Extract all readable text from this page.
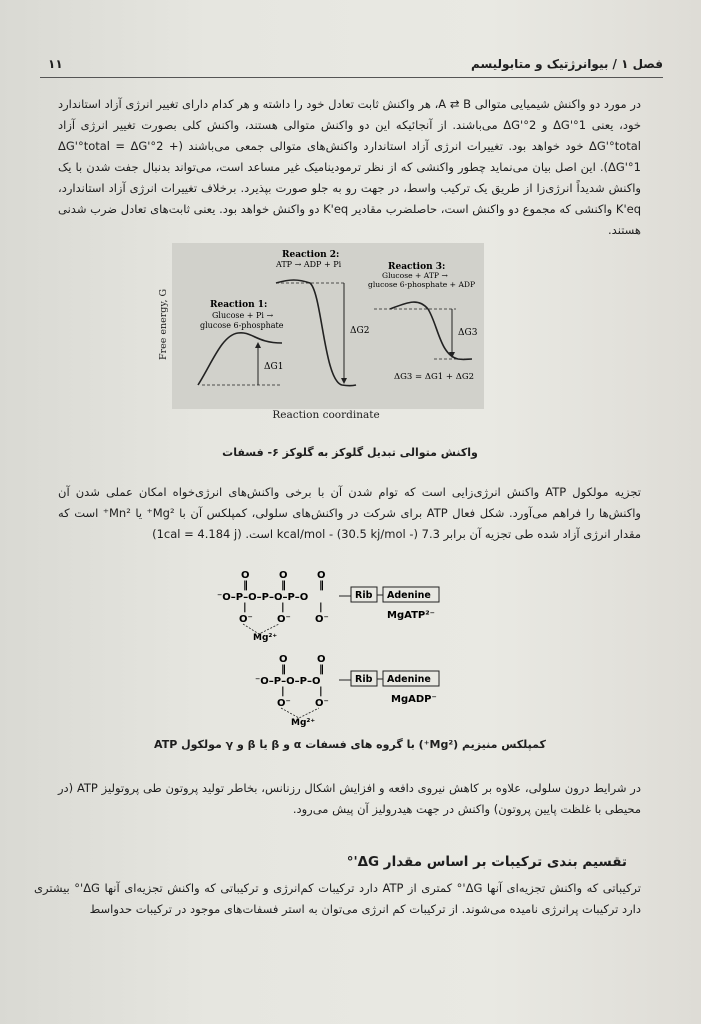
۱۱	فصل ۱ / بیوانرژتیک و متابولیسم
در مورد دو واکنش شیمیایی متوالی A ⇄ B، هر واکنش ثابت تعادل خود را داشته و هر کدام دارای تغییر انرژی آزاد استاندارد خود، یعنی ΔG'°1 و ΔG'°2 می‌باشند. از آنجائیکه این دو واکنش متوالی هستند، واکنش کلی بصورت تغییر انرژی آزاد ΔG'°total خود خواهد بود. تغییرات انرژی آزاد استاندارد واکنش‌های متوالی جمعی می‌باشند (ΔG'°total = ΔG'°2 + ΔG'°1). این اصل بیان می‌نماید چطور واکنشی که از نظر ترمودینامیک غیر مساعد است، می‌تواند بدنبال جفت شدن با یک واکنش شدیداً انرژی‌زا از طریق یک ترکیب واسط، در جهت رو به جلو صورت بپذیرد. برخلاف تغییرات انرژی آزاد استاندارد، K'eq واکنشی که مجموع دو واکنش است، حاصلضرب مقادیر K'eq دو واکنش خواهد بود. یعنی ثابت‌های تعادل ضرب شدنی هستند.
ΔG1
Reaction 1:
Glucose + Pi →
glucose 6-phosphate
ΔG2
Reaction 2:
ATP → ADP + Pi
ΔG3
ΔG3 = ΔG1 + ΔG2
Reaction 3:
Glucose + ATP →
glucose 6-phosphate + ADP
Free energy, G
Reaction coordinate
واکنش متوالی تبدیل گلوکز به گلوکز ۶- فسفات
تجزیه مولکول ATP واکنش انرژی‌زایی است که توام شدن آن با برخی واکنش‌های انرژی‌خواه امکان عملی شدن آن واکنش‌ها را فراهم می‌آورد. شکل فعال ATP برای شرکت در واکنش‌های سلولی، کمپلکس آن با Mg²⁺ یا Mn²⁺ است که مقدار انرژی آزاد شده طی تجزیه آن برابر 7.3 kcal/mol - (30.5 kj/mol -) است. (1cal = 4.184 j)
⁻O–P–O–P–O–P–O
O	O	O
‖	‖	‖
|	|	|
O⁻ O⁻ O⁻
Mg²⁺
Rib Adenine
MgATP²⁻
⁻O–P–O–P–O
O	O
‖	‖
|	|
O⁻ O⁻
Mg²⁺
Rib Adenine
MgADP⁻
کمپلکس منیزیم (Mg²⁺) با گروه های فسفات α و β یا β و γ مولکول ATP
در شرایط درون سلولی، علاوه بر کاهش نیروی دافعه و افزایش اشکال رزنانس، بخاطر تولید پروتون طی پروتولیز ATP (در محیطی با غلظت پایین پروتون) واکنش در جهت هیدرولیز آن پیش می‌رود.
تقسیم بندی ترکیبات بر اساس مقدار ΔG'°
ترکیباتی که واکنش تجزیه‌ای آنها ΔG'° کمتری از ATP دارد ترکیبات کم‌انرژی و ترکیباتی که واکنش تجزیه‌ای آنها ΔG'° بیشتری دارد ترکیبات پرانرژی نامیده می‌شوند. از ترکیبات کم انرژی می‌توان به استر فسفات‌های موجود در ترکیبات حدواسط
